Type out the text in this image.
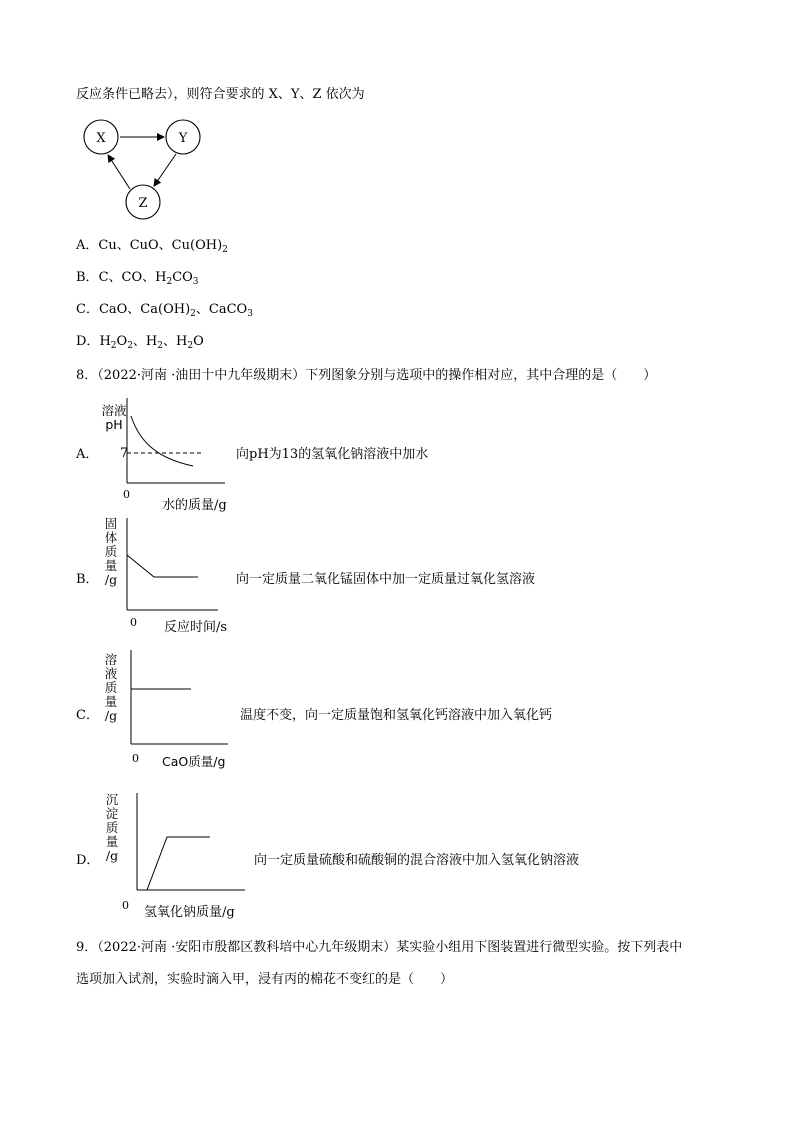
反应条件已略去），则符合要求的 X、Y、Z 依次为
X	Y
Z
A．Cu、CuO、$Cu(OH)_2$
B．C、CO、$H_2CO_3$
C．CaO、$Ca(OH)_2$、CaCO$_3$
D．$H_2O_2$、$H_2$、$H_2O$
8．（2022·河南 ·油田十中九年级期末）下列图象分别与选项中的操作相对应，其中合理的是（　　）
A．
溶液
pH
7
0
水的质量/g
向pH为13的氢氧化钠溶液中加水
B．
固
体
质
量
/g
0 反应时间/s
向一定质量二氧化锰固体中加一定质量过氧化氢溶液
C．
溶
液
质
量
/g
0 CaO质量/g
温度不变，向一定质量饱和氢氧化钙溶液中加入氧化钙
D．
沉
淀
质
量
/g
0 氢氧化钠质量/g
向一定质量硫酸和硫酸铜的混合溶液中加入氢氧化钠溶液
9．（2022·河南 ·安阳市殷都区教科培中心九年级期末）某实验小组用下图装置进行微型实验。按下列表中
选项加入试剂，实验时滴入甲，浸有丙的棉花不变红的是（　　）
